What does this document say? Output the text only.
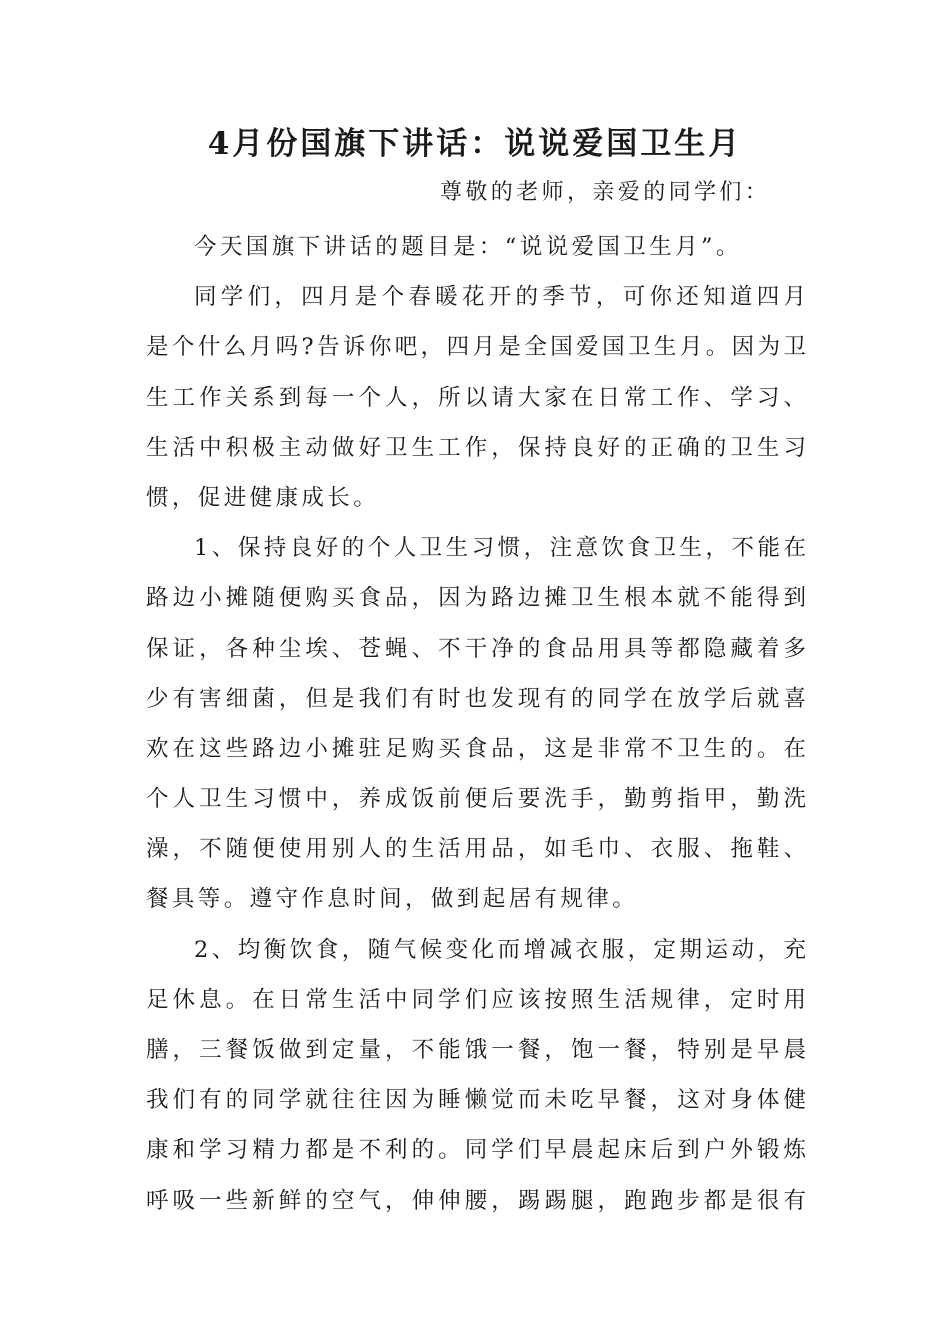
4月份国旗下讲话：说说爱国卫生月
尊敬的老师，亲爱的同学们：
今天国旗下讲话的题目是：“说说爱国卫生月”。
同学们，四月是个春暖花开的季节，可你还知道四月
是个什么月吗?告诉你吧，四月是全国爱国卫生月。因为卫
生工作关系到每一个人，所以请大家在日常工作、学习、
生活中积极主动做好卫生工作，保持良好的正确的卫生习
惯，促进健康成长。
1、保持良好的个人卫生习惯，注意饮食卫生，不能在
路边小摊随便购买食品，因为路边摊卫生根本就不能得到
保证，各种尘埃、苍蝇、不干净的食品用具等都隐藏着多
少有害细菌，但是我们有时也发现有的同学在放学后就喜
欢在这些路边小摊驻足购买食品，这是非常不卫生的。在
个人卫生习惯中，养成饭前便后要洗手，勤剪指甲，勤洗
澡，不随便使用别人的生活用品，如毛巾、衣服、拖鞋、
餐具等。遵守作息时间，做到起居有规律。
2、均衡饮食，随气候变化而增减衣服，定期运动，充
足休息。在日常生活中同学们应该按照生活规律，定时用
膳，三餐饭做到定量，不能饿一餐，饱一餐，特别是早晨
我们有的同学就往往因为睡懒觉而未吃早餐，这对身体健
康和学习精力都是不利的。同学们早晨起床后到户外锻炼
呼吸一些新鲜的空气，伸伸腰，踢踢腿，跑跑步都是很有
